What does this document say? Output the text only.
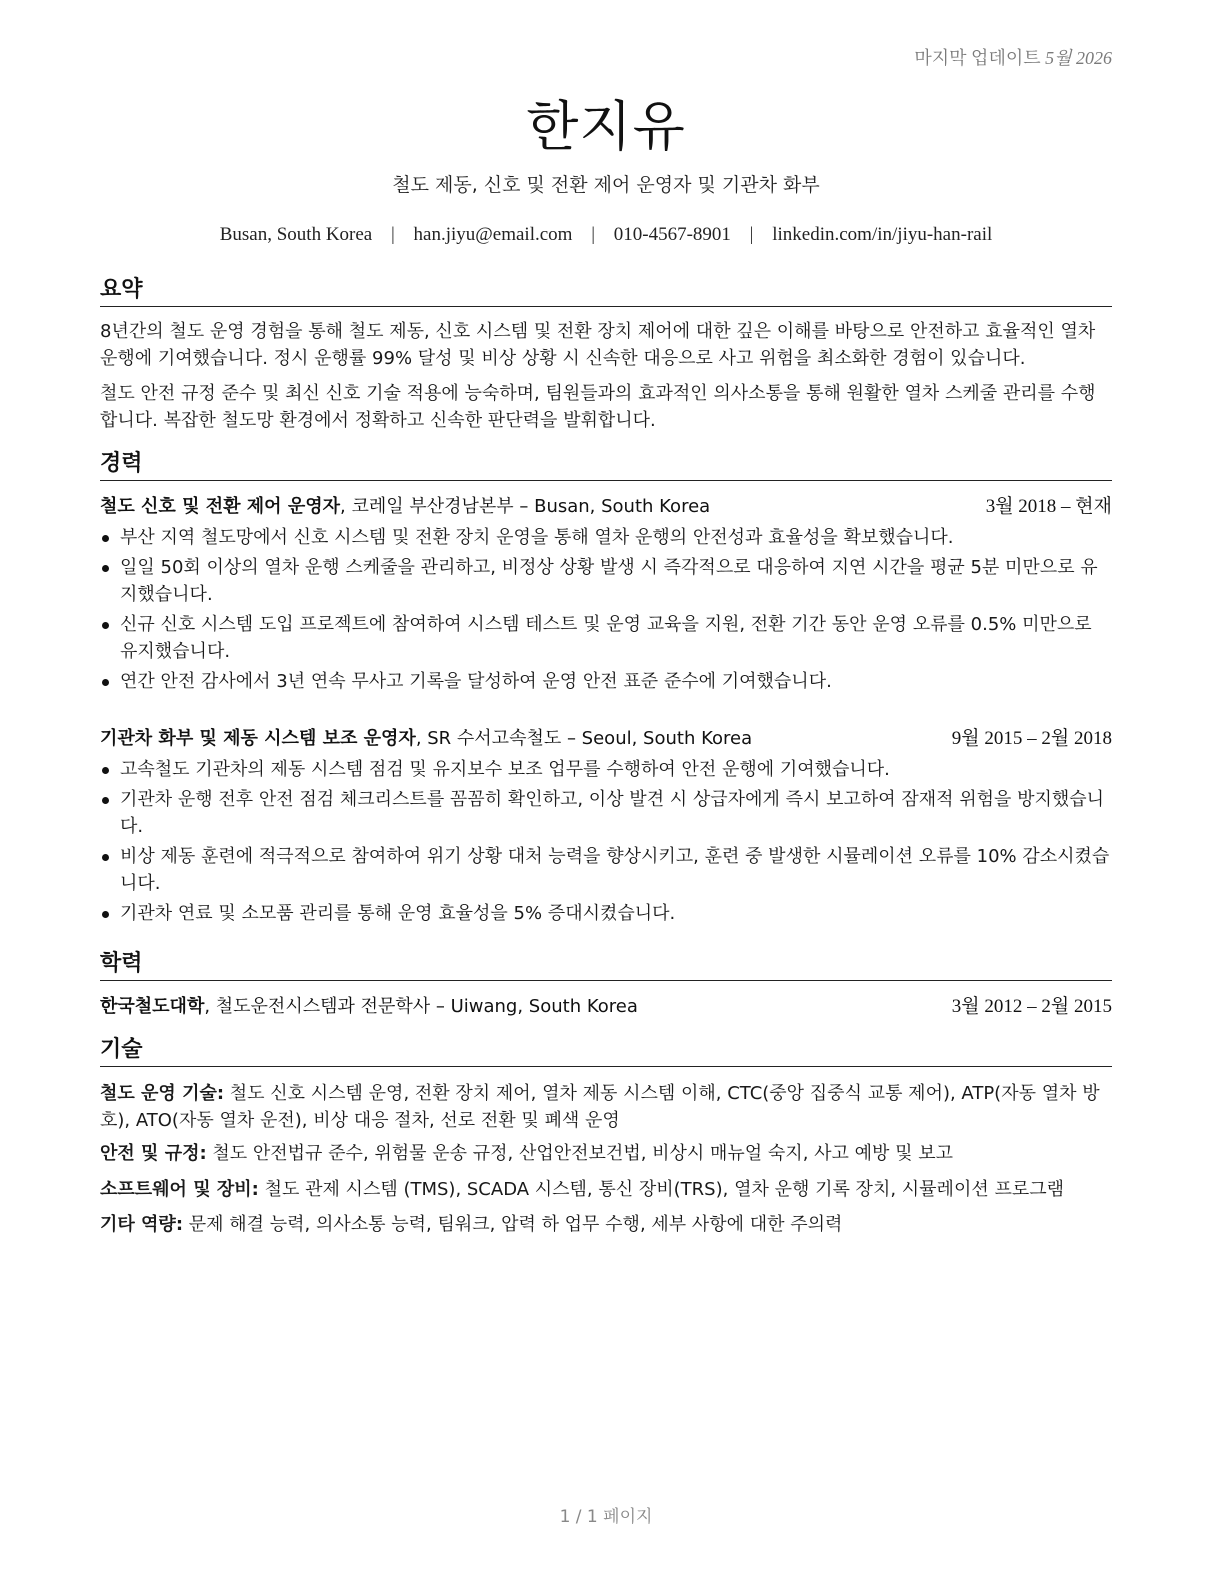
마지막 업데이트 5월 2026
한지유
철도 제동, 신호 및 전환 제어 운영자 및 기관차 화부
Busan, South Korea | han.jiyu@email.com | 010-4567-8901 | linkedin.com/in/jiyu-han-rail
요약
8년간의 철도 운영 경험을 통해 철도 제동, 신호 시스템 및 전환 장치 제어에 대한 깊은 이해를 바탕으로 안전하고 효율적인 열차 운행에 기여했습니다. 정시 운행률 99% 달성 및 비상 상황 시 신속한 대응으로 사고 위험을 최소화한 경험이 있습니다.
철도 안전 규정 준수 및 최신 신호 기술 적용에 능숙하며, 팀원들과의 효과적인 의사소통을 통해 원활한 열차 스케줄 관리를 수행합니다. 복잡한 철도망 환경에서 정확하고 신속한 판단력을 발휘합니다.
경력
철도 신호 및 전환 제어 운영자, 코레일 부산경남본부 – Busan, South Korea	3월 2018 – 현재
부산 지역 철도망에서 신호 시스템 및 전환 장치 운영을 통해 열차 운행의 안전성과 효율성을 확보했습니다.
일일 50회 이상의 열차 운행 스케줄을 관리하고, 비정상 상황 발생 시 즉각적으로 대응하여 지연 시간을 평균 5분 미만으로 유지했습니다.
신규 신호 시스템 도입 프로젝트에 참여하여 시스템 테스트 및 운영 교육을 지원, 전환 기간 동안 운영 오류를 0.5% 미만으로 유지했습니다.
연간 안전 감사에서 3년 연속 무사고 기록을 달성하여 운영 안전 표준 준수에 기여했습니다.
기관차 화부 및 제동 시스템 보조 운영자, SR 수서고속철도 – Seoul, South Korea	9월 2015 – 2월 2018
고속철도 기관차의 제동 시스템 점검 및 유지보수 보조 업무를 수행하여 안전 운행에 기여했습니다.
기관차 운행 전후 안전 점검 체크리스트를 꼼꼼히 확인하고, 이상 발견 시 상급자에게 즉시 보고하여 잠재적 위험을 방지했습니다.
비상 제동 훈련에 적극적으로 참여하여 위기 상황 대처 능력을 향상시키고, 훈련 중 발생한 시뮬레이션 오류를 10% 감소시켰습니다.
기관차 연료 및 소모품 관리를 통해 운영 효율성을 5% 증대시켰습니다.
학력
한국철도대학, 철도운전시스템과 전문학사 – Uiwang, South Korea	3월 2012 – 2월 2015
기술
철도 운영 기술: 철도 신호 시스템 운영, 전환 장치 제어, 열차 제동 시스템 이해, CTC(중앙 집중식 교통 제어), ATP(자동 열차 방호), ATO(자동 열차 운전), 비상 대응 절차, 선로 전환 및 폐색 운영
안전 및 규정: 철도 안전법규 준수, 위험물 운송 규정, 산업안전보건법, 비상시 매뉴얼 숙지, 사고 예방 및 보고
소프트웨어 및 장비: 철도 관제 시스템 (TMS), SCADA 시스템, 통신 장비(TRS), 열차 운행 기록 장치, 시뮬레이션 프로그램
기타 역량: 문제 해결 능력, 의사소통 능력, 팀워크, 압력 하 업무 수행, 세부 사항에 대한 주의력
1 / 1 페이지
